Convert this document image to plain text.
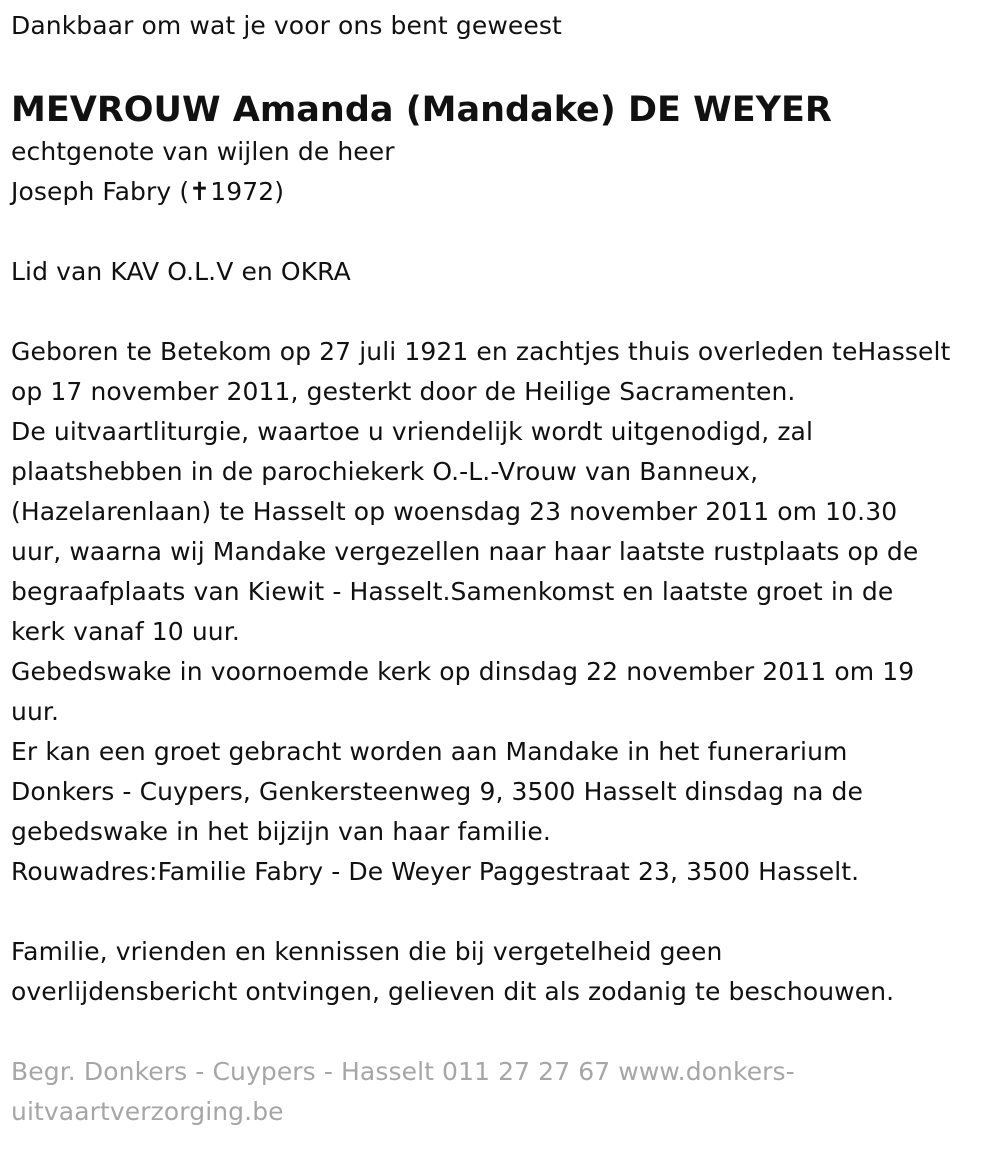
Dankbaar om wat je voor ons bent geweest

MEVROUW Amanda (Mandake) DE WEYER

echtgenote van wijlen de heer

Joseph Fabry (✝1972)

Lid van KAV O.L.V en OKRA

Geboren te Betekom op 27 juli 1921 en zachtjes thuis overleden teHasselt

op 17 november 2011, gesterkt door de Heilige Sacramenten.

De uitvaartliturgie, waartoe u vriendelijk wordt uitgenodigd, zal

plaatshebben in de parochiekerk O.-L.-Vrouw van Banneux,

(Hazelarenlaan) te Hasselt op woensdag 23 november 2011 om 10.30

uur, waarna wij Mandake vergezellen naar haar laatste rustplaats op de

begraafplaats van Kiewit - Hasselt.Samenkomst en laatste groet in de

kerk vanaf 10 uur.

Gebedswake in voornoemde kerk op dinsdag 22 november 2011 om 19

uur.

Er kan een groet gebracht worden aan Mandake in het funerarium

Donkers - Cuypers, Genkersteenweg 9, 3500 Hasselt dinsdag na de

gebedswake in het bijzijn van haar familie.

Rouwadres:Familie Fabry - De Weyer Paggestraat 23, 3500 Hasselt.

Familie, vrienden en kennissen die bij vergetelheid geen

overlijdensbericht ontvingen, gelieven dit als zodanig te beschouwen.

Begr. Donkers - Cuypers - Hasselt 011 27 27 67 www.donkers-

uitvaartverzorging.be
